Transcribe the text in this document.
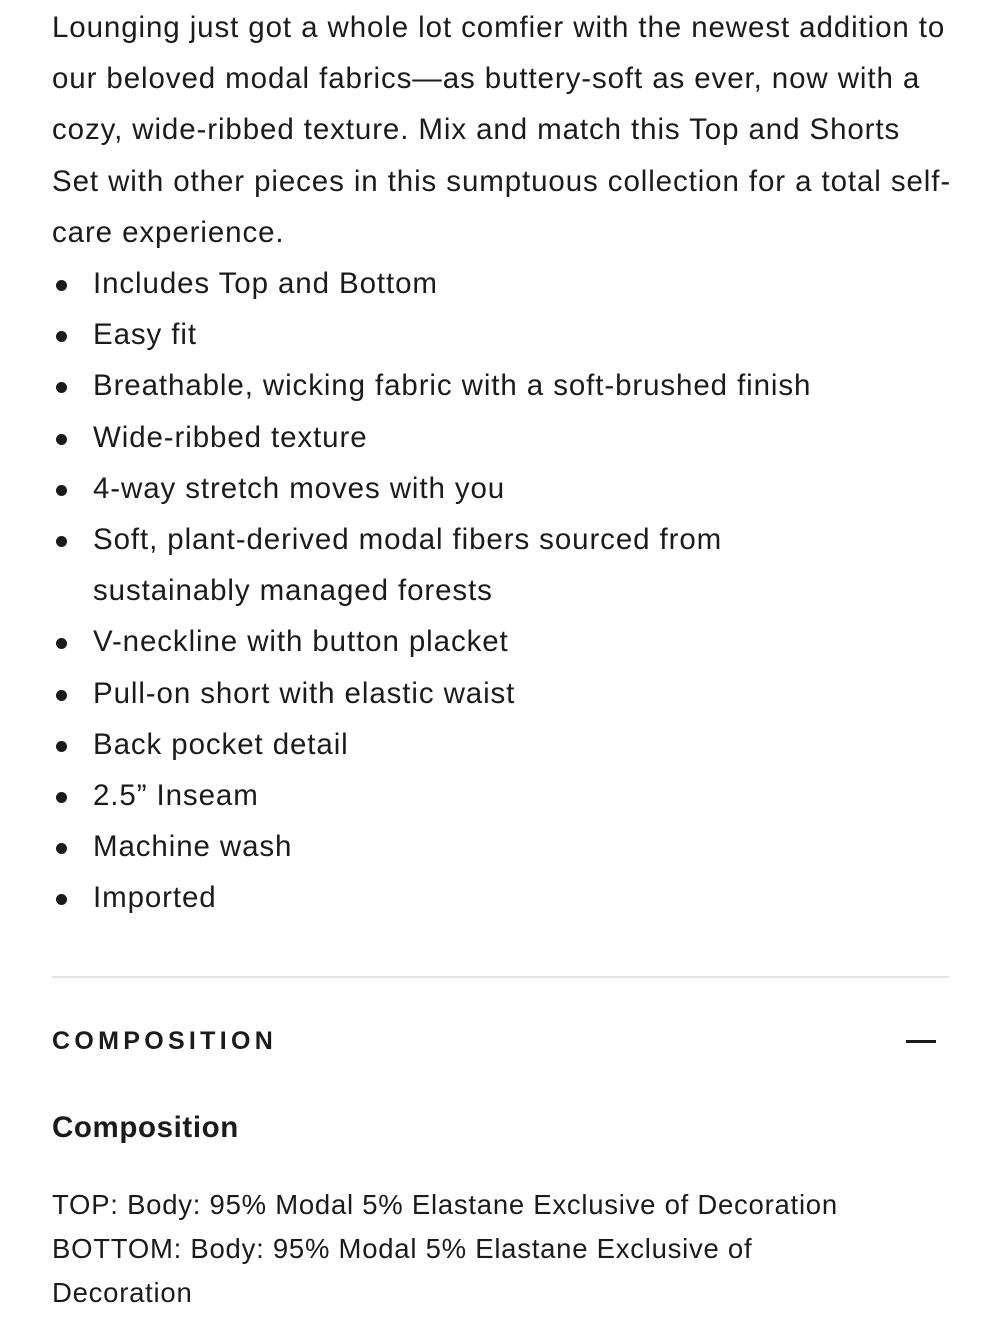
Lounging just got a whole lot comfier with the newest addition to our beloved modal fabrics—as buttery-soft as ever, now with a cozy, wide-ribbed texture. Mix and match this Top and Shorts Set with other pieces in this sumptuous collection for a total self-care experience.

Includes Top and Bottom
Easy fit
Breathable, wicking fabric with a soft-brushed finish
Wide-ribbed texture
4-way stretch moves with you
Soft, plant-derived modal fibers sourced from sustainably managed forests
V-neckline with button placket
Pull-on short with elastic waist
Back pocket detail
2.5” Inseam
Machine wash
Imported
COMPOSITION
Composition
TOP: Body: 95% Modal 5% Elastane Exclusive of Decoration
BOTTOM: Body: 95% Modal 5% Elastane Exclusive of Decoration
